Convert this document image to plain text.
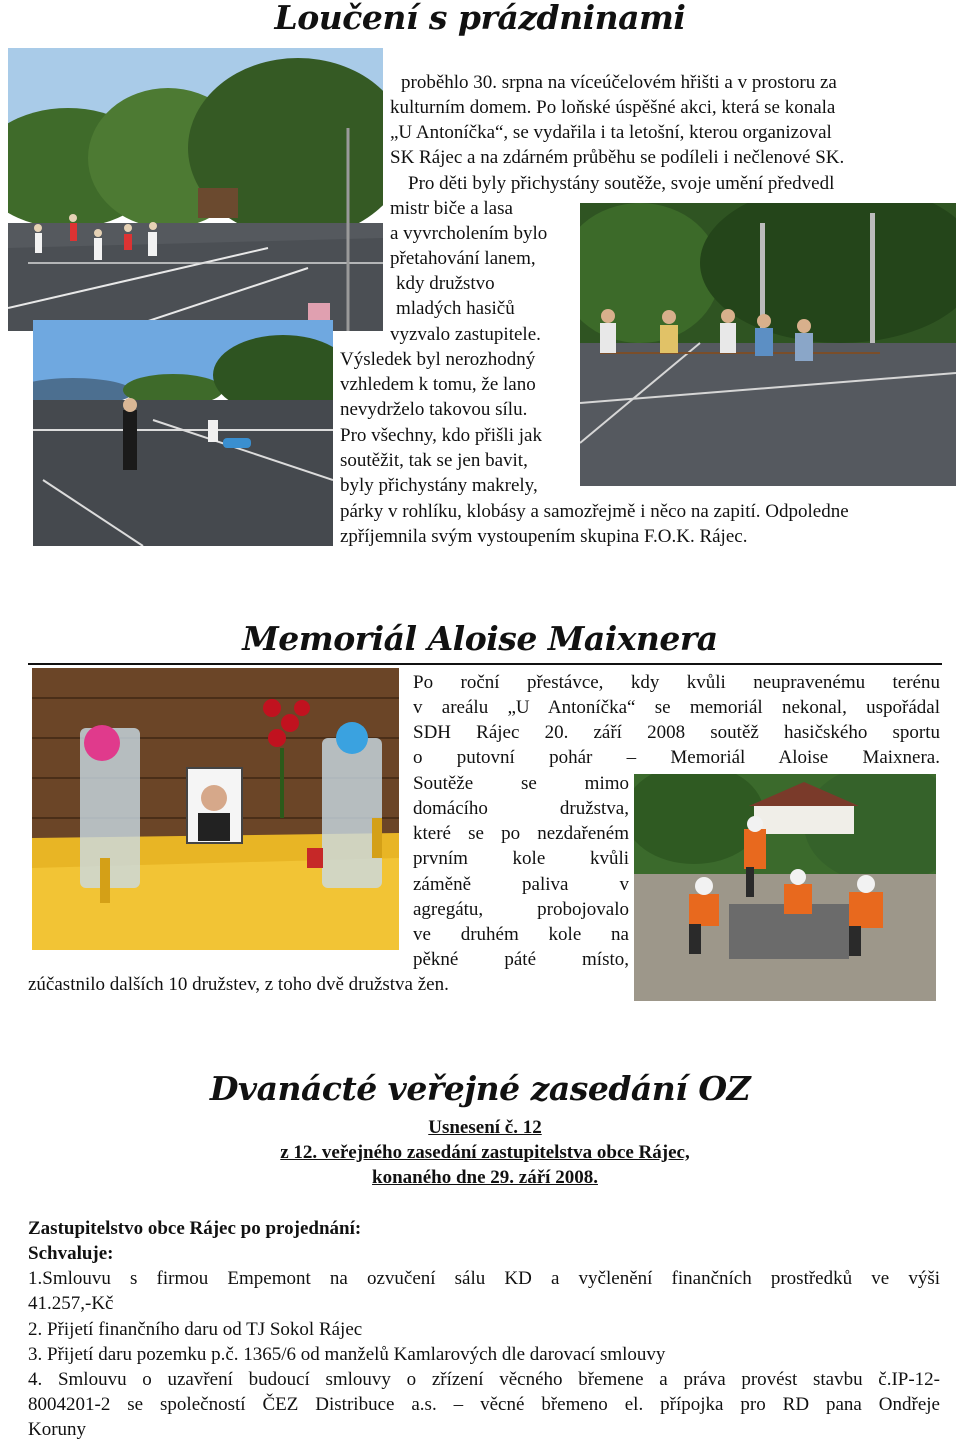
Loučení s prázdninami
proběhlo 30. srpna na víceúčelovém hřišti a v prostoru za
kulturním domem. Po loňské úspěšné akci, která se konala
„U Antoníčka“, se vydařila i ta letošní, kterou organizoval
SK Rájec a na zdárném průběhu se podíleli i nečlenové SK.
Pro děti byly přichystány soutěže, svoje umění předvedl
mistr biče a lasa
a vyvrcholením bylo
přetahování lanem,
kdy družstvo
mladých hasičů
vyzvalo zastupitele.
Výsledek byl nerozhodný
vzhledem k tomu, že lano
nevydrželo takovou sílu.
Pro všechny, kdo přišli jak
soutěžit, tak se jen bavit,
byly přichystány makrely,
párky v rohlíku, klobásy a samozřejmě i něco na zapití. Odpoledne
zpříjemnila svým vystoupením skupina F.O.K. Rájec.
Memoriál Aloise Maixnera
Po roční přestávce, kdy kvůli neupravenému terénu
v areálu „U Antoníčka“ se memoriál nekonal, uspořádal
SDH Rájec 20. září 2008 soutěž hasičského sportu
o putovní pohár – Memoriál Aloise Maixnera.
Soutěže se mimo
domácího družstva,
které se po nezdařeném
prvním kole kvůli
záměně paliva v
agregátu, probojovalo
ve druhém kole na
pěkné páté místo,
zúčastnilo dalších 10 družstev, z toho dvě družstva žen.
Dvanácté veřejné zasedání OZ
Usnesení č. 12
z 12. veřejného zasedání zastupitelstva obce Rájec,
konaného dne 29. září 2008.
Zastupitelstvo obce Rájec po projednání:
Schvaluje:
1.Smlouvu s firmou Empemont na ozvučení sálu KD a vyčlenění finančních prostředků ve výši
41.257,-Kč
2. Přijetí finančního daru od TJ Sokol Rájec
3. Přijetí daru pozemku p.č. 1365/6 od manželů Kamlarových dle darovací smlouvy
4. Smlouvu o uzavření budoucí smlouvy o zřízení věcného břemene a práva provést stavbu č.IP-12-
8004201-2 se společností ČEZ Distribuce a.s. – věcné břemeno el. přípojka pro RD pana Ondřeje
Koruny
